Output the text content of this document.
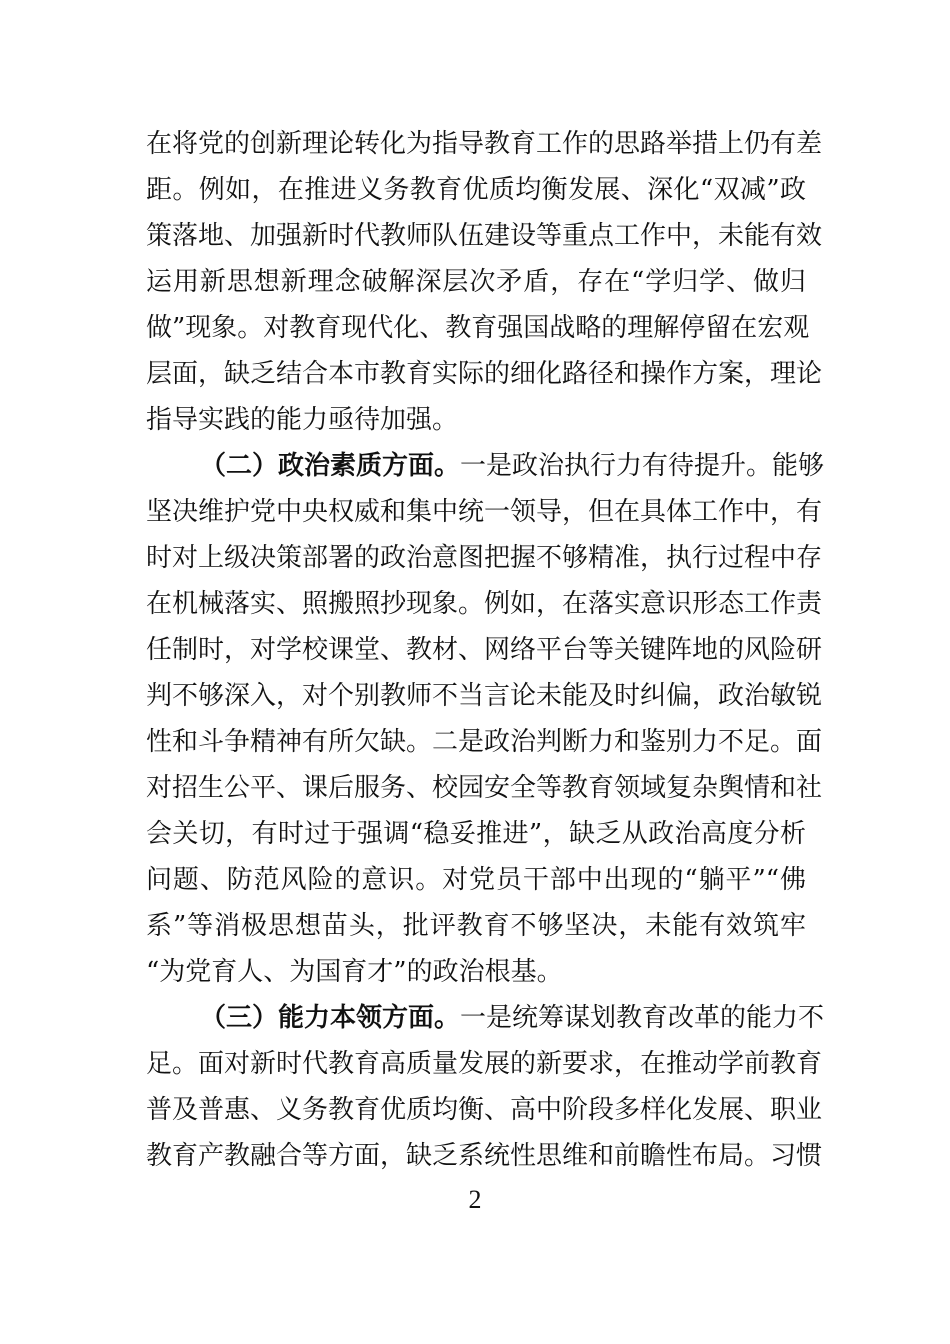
在将党的创新理论转化为指导教育工作的思路举措上仍有差
距。例如，在推进义务教育优质均衡发展、深化“双减”政
策落地、加强新时代教师队伍建设等重点工作中，未能有效
运用新思想新理念破解深层次矛盾，存在“学归学、做归
做”现象。对教育现代化、教育强国战略的理解停留在宏观
层面，缺乏结合本市教育实际的细化路径和操作方案，理论
指导实践的能力亟待加强。
（二）政治素质方面。一是政治执行力有待提升。能够
坚决维护党中央权威和集中统一领导，但在具体工作中，有
时对上级决策部署的政治意图把握不够精准，执行过程中存
在机械落实、照搬照抄现象。例如，在落实意识形态工作责
任制时，对学校课堂、教材、网络平台等关键阵地的风险研
判不够深入，对个别教师不当言论未能及时纠偏，政治敏锐
性和斗争精神有所欠缺。二是政治判断力和鉴别力不足。面
对招生公平、课后服务、校园安全等教育领域复杂舆情和社
会关切，有时过于强调“稳妥推进”，缺乏从政治高度分析
问题、防范风险的意识。对党员干部中出现的“躺平”“佛
系”等消极思想苗头，批评教育不够坚决，未能有效筑牢
“为党育人、为国育才”的政治根基。
（三）能力本领方面。一是统筹谋划教育改革的能力不
足。面对新时代教育高质量发展的新要求，在推动学前教育
普及普惠、义务教育优质均衡、高中阶段多样化发展、职业
教育产教融合等方面，缺乏系统性思维和前瞻性布局。习惯
2
